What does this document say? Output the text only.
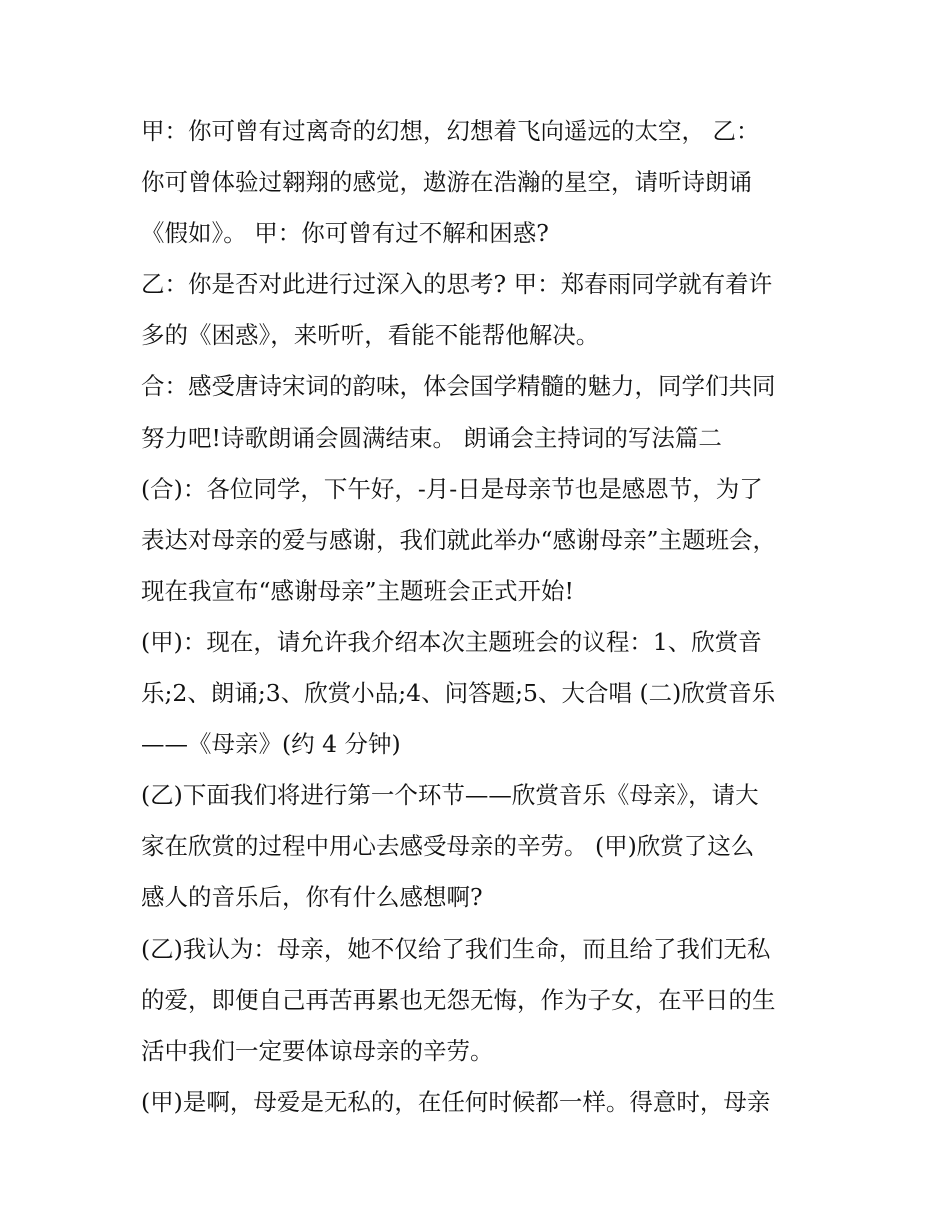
甲：你可曾有过离奇的幻想，幻想着飞向遥远的太空， 乙：
你可曾体验过翱翔的感觉，遨游在浩瀚的星空，请听诗朗诵
《假如》。 甲：你可曾有过不解和困惑?
乙：你是否对此进行过深入的思考? 甲：郑春雨同学就有着许
多的《困惑》，来听听，看能不能帮他解决。
合：感受唐诗宋词的韵味，体会国学精髓的魅力，同学们共同
努力吧!诗歌朗诵会圆满结束。 朗诵会主持词的写法篇二
(合)：各位同学，下午好，-月-日是母亲节也是感恩节，为了
表达对母亲的爱与感谢，我们就此举办“感谢母亲”主题班会，
现在我宣布“感谢母亲”主题班会正式开始!
(甲)：现在，请允许我介绍本次主题班会的议程：1、欣赏音
乐;2、朗诵;3、欣赏小品;4、问答题;5、大合唱 (二)欣赏音乐
——《母亲》(约 4 分钟)
(乙)下面我们将进行第一个环节——欣赏音乐《母亲》，请大
家在欣赏的过程中用心去感受母亲的辛劳。 (甲)欣赏了这么
感人的音乐后，你有什么感想啊?
(乙)我认为：母亲，她不仅给了我们生命，而且给了我们无私
的爱，即便自己再苦再累也无怨无悔，作为子女，在平日的生
活中我们一定要体谅母亲的辛劳。
(甲)是啊，母爱是无私的，在任何时候都一样。得意时，母亲
